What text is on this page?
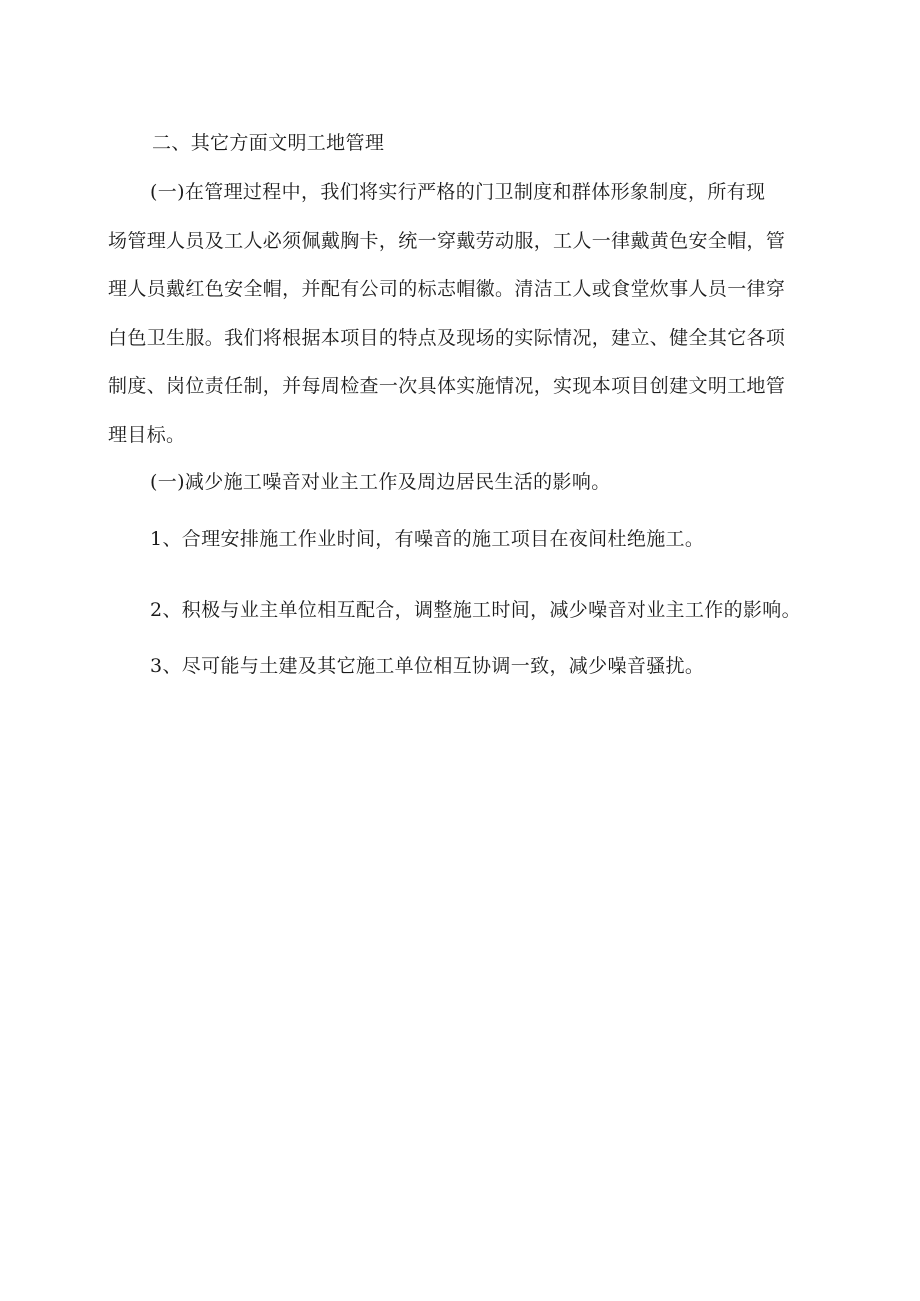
二、其它方面文明工地管理
(一)在管理过程中，我们将实行严格的门卫制度和群体形象制度，所有现
场管理人员及工人必须佩戴胸卡，统一穿戴劳动服，工人一律戴黄色安全帽，管
理人员戴红色安全帽，并配有公司的标志帽徽。清洁工人或食堂炊事人员一律穿
白色卫生服。我们将根据本项目的特点及现场的实际情况，建立、健全其它各项
制度、岗位责任制，并每周检查一次具体实施情况，实现本项目创建文明工地管
理目标。
(一)减少施工噪音对业主工作及周边居民生活的影响。
1、合理安排施工作业时间，有噪音的施工项目在夜间杜绝施工。
2、积极与业主单位相互配合，调整施工时间，减少噪音对业主工作的影响。
3、尽可能与土建及其它施工单位相互协调一致，减少噪音骚扰。
